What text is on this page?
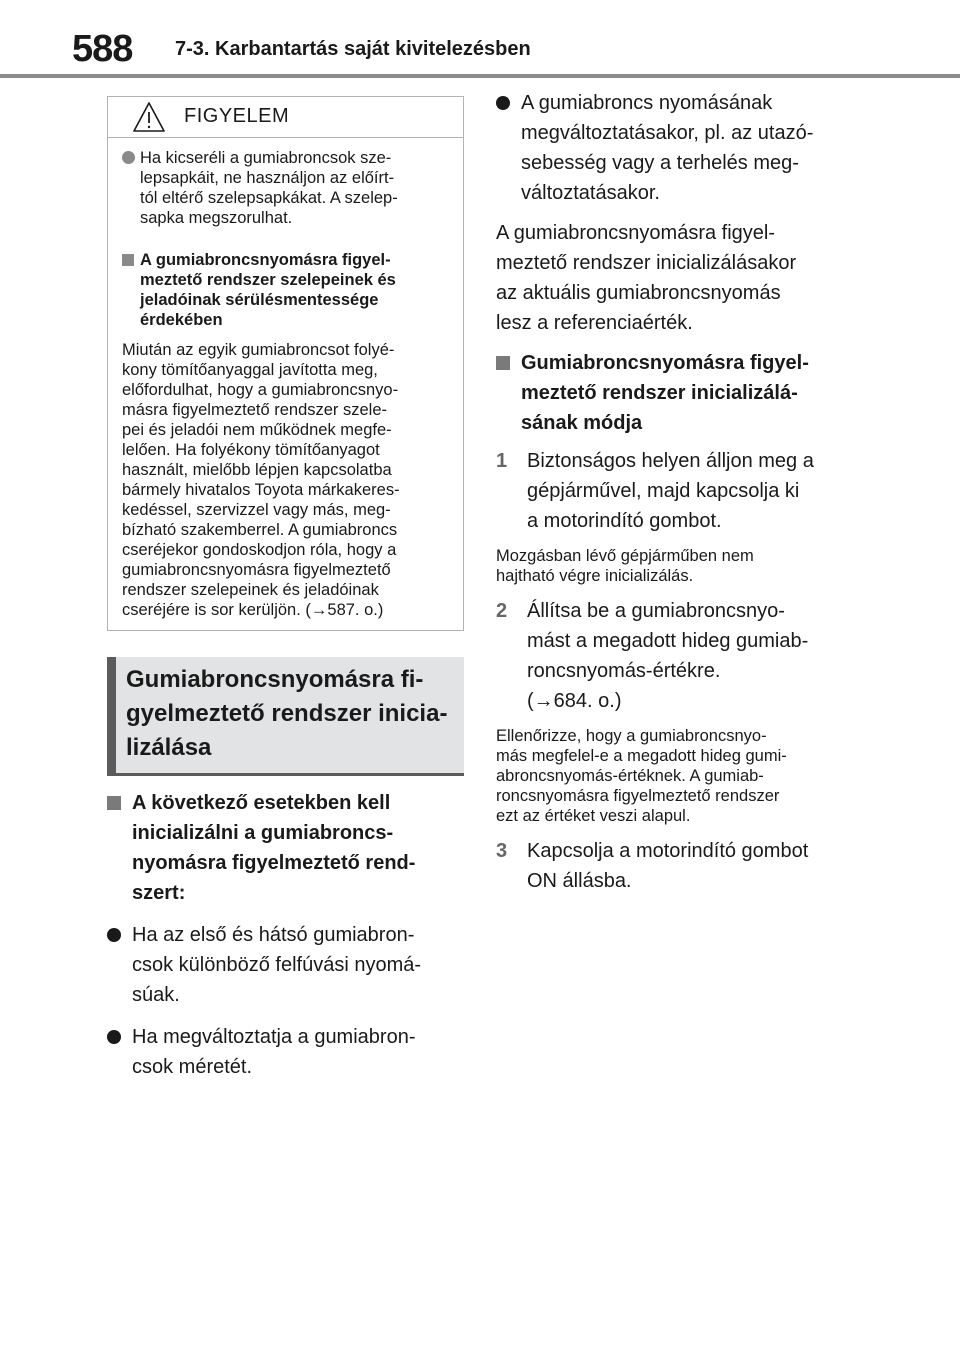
588 7-3. Karbantartás saját kivitelezésben
FIGYELEM

Ha kicseréli a gumiabroncsok sze-
lepsapkáit, ne használjon az előírt-
tól eltérő szelepsapkákat. A szelep-
sapka megszorulhat.

A gumiabroncsnyomásra figyel-
meztető rendszer szelepeinek és
jeladóinak sérülésmentessége
érdekében

Miután az egyik gumiabroncsot folyé-
kony tömítőanyaggal javította meg,
előfordulhat, hogy a gumiabroncsnyo-
másra figyelmeztető rendszer szele-
pei és jeladói nem működnek megfe-
lelően. Ha folyékony tömítőanyagot
használt, mielőbb lépjen kapcsolatba
bármely hivatalos Toyota márkakeres-
kedéssel, szervizzel vagy más, meg-
bízható szakemberrel. A gumiabroncs
cseréjekor gondoskodjon róla, hogy a
gumiabroncsnyomásra figyelmeztető
rendszer szelepeinek és jeladóinak
cseréjére is sor kerüljön. (→587. o.)

Gumiabroncsnyomásra fi-
gyelmeztető rendszer inicia-
lizálása
A következő esetekben kell
inicializálni a gumiabroncs-
nyomásra figyelmeztető rend-
szert:
Ha az első és hátsó gumiabron-
csok különböző felfúvási nyomá-
súak.
Ha megváltoztatja a gumiabron-
csok méretét.
A gumiabroncs nyomásának
megváltoztatásakor, pl. az utazó-
sebesség vagy a terhelés meg-
változtatásakor.
A gumiabroncsnyomásra figyel-
meztető rendszer inicializálásakor
az aktuális gumiabroncsnyomás
lesz a referenciaérték.
Gumiabroncsnyomásra figyel-
meztető rendszer inicializálá-
sának módja
1 Biztonságos helyen álljon meg a
gépjárművel, majd kapcsolja ki
a motorindító gombot.
Mozgásban lévő gépjárműben nem
hajtható végre inicializálás.
2 Állítsa be a gumiabroncsnyo-
mást a megadott hideg gumiab-
roncsnyomás-értékre.
(→684. o.)
Ellenőrizze, hogy a gumiabroncsnyo-
más megfelel-e a megadott hideg gumi-
abroncsnyomás-értéknek. A gumiab-
roncsnyomásra figyelmeztető rendszer
ezt az értéket veszi alapul.
3 Kapcsolja a motorindító gombot
ON állásba.
